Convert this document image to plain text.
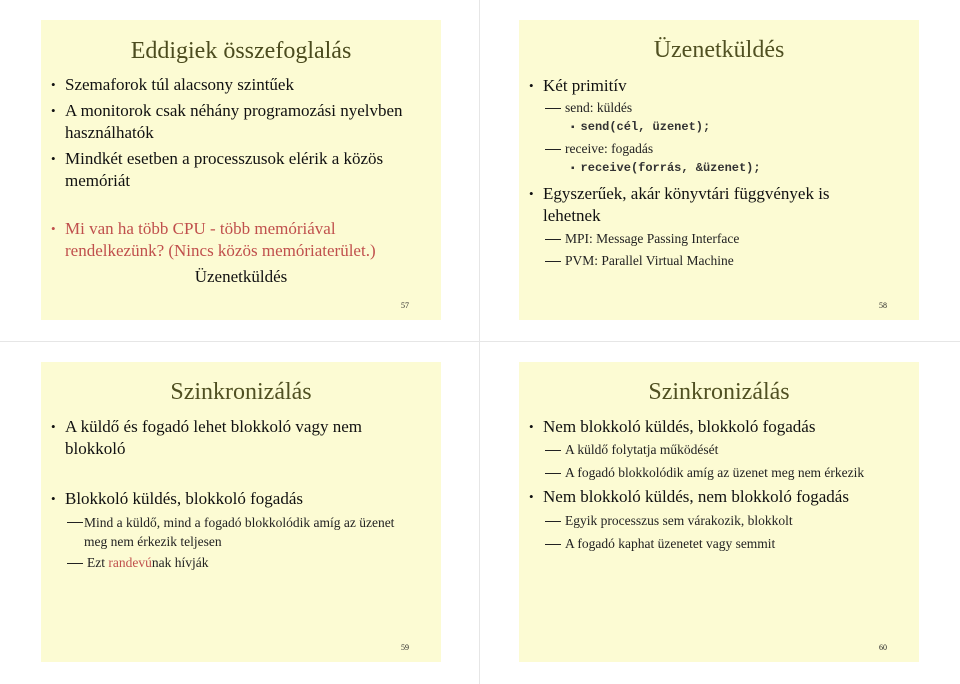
Eddigiek összefoglalás
• Szemaforok túl alacsony szintűek
• A monitorok csak néhány programozási nyelvben használhatók
• Mindkét esetben a processzusok elérik a közös memóriát
• Mi van ha több CPU - több memóriával rendelkezünk? (Nincs közös memóriaterület.)
Üzenetküldés
57
Üzenetküldés
• Két primitív
send: küldés
▪ send(cél, üzenet);
receive: fogadás
▪ receive(forrás, &üzenet);
• Egyszerűek, akár könyvtári függvények is lehetnek
MPI: Message Passing Interface
PVM: Parallel Virtual Machine
58
Szinkronizálás
• A küldő és fogadó lehet blokkoló vagy nem blokkoló
• Blokkoló küldés, blokkoló fogadás
Mind a küldő, mind a fogadó blokkolódik amíg az üzenet meg nem érkezik teljesen
Ezt randevúnak hívják
59
Szinkronizálás
• Nem blokkoló küldés, blokkoló fogadás
A küldő folytatja működését
A fogadó blokkolódik amíg az üzenet meg nem érkezik
• Nem blokkoló küldés, nem blokkoló fogadás
Egyik processzus sem várakozik, blokkolt
A fogadó kaphat üzenetet vagy semmit
60
